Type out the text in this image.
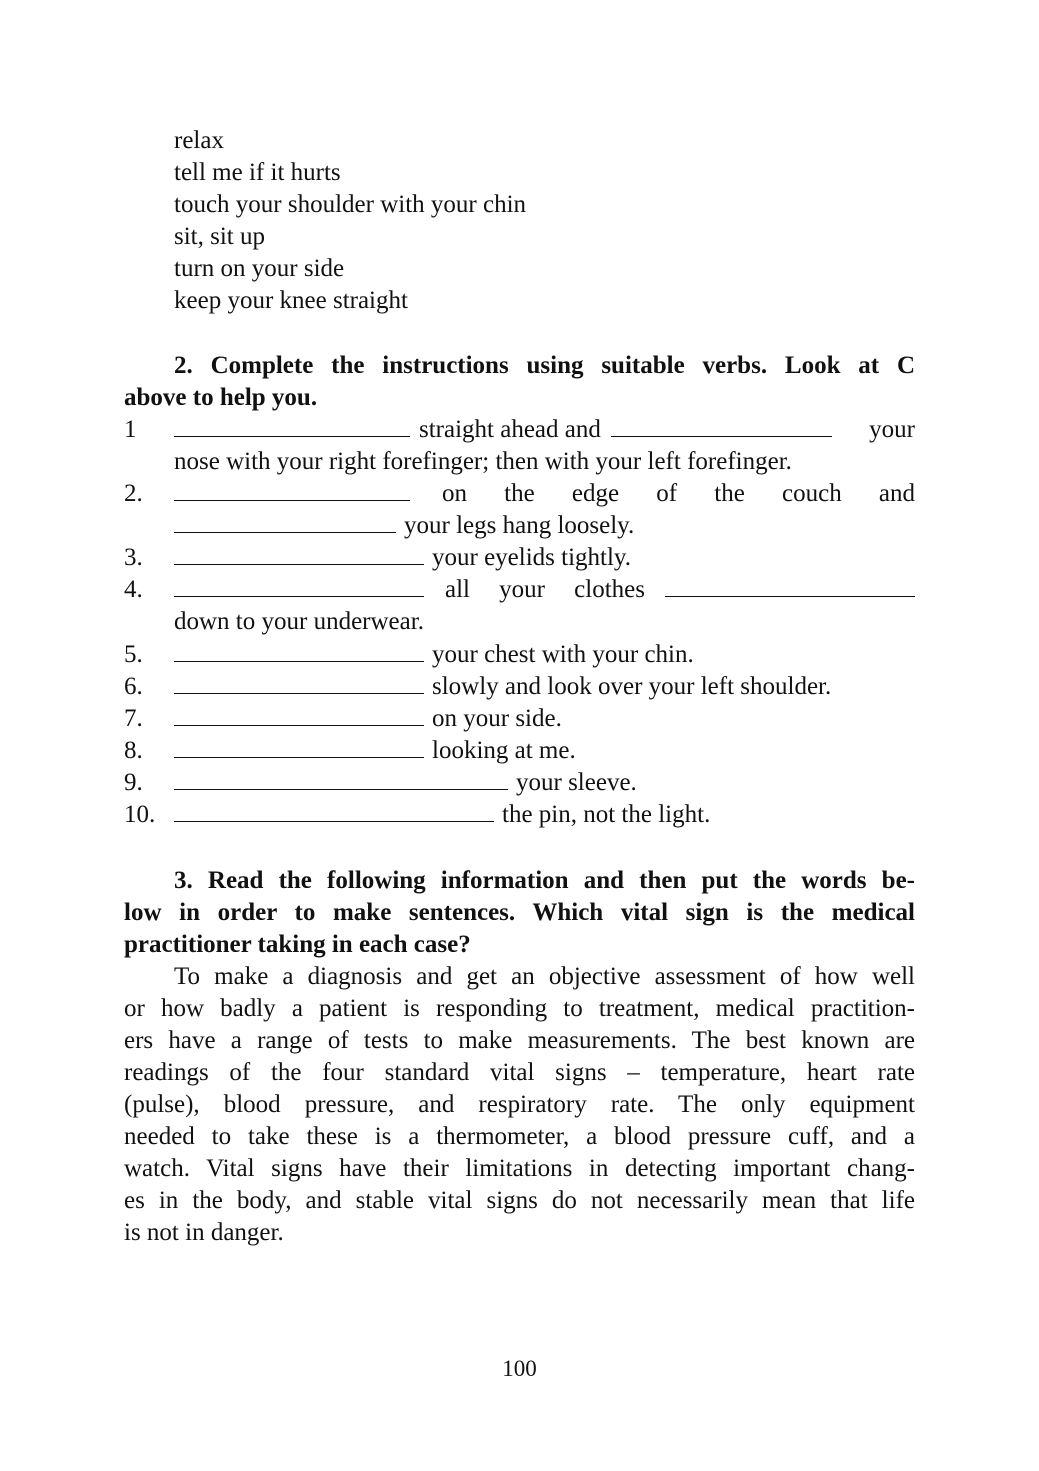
relax
tell me if it hurts
touch your shoulder with your chin
sit, sit up
turn on your side
keep your knee straight
2. Complete the instructions using suitable verbs. Look at C
above to help you.
1	straight ahead and	your
nose with your right forefinger; then with your left forefinger.
2.	on the edge of the couch and
your legs hang loosely.
3.	your eyelids tightly.
4.	all your clothes
down to your underwear.
5.	your chest with your chin.
6.	slowly and look over your left shoulder.
7.	on your side.
8.	looking at me.
9.	your sleeve.
10.	the pin, not the light.
3. Read the following information and then put the words be-
low in order to make sentences. Which vital sign is the medical
practitioner taking in each case?
To make a diagnosis and get an objective assessment of how well
or how badly a patient is responding to treatment, medical practition-
ers have a range of tests to make measurements. The best known are
readings of the four standard vital signs – temperature, heart rate
(pulse), blood pressure, and respiratory rate. The only equipment
needed to take these is a thermometer, a blood pressure cuff, and a
watch. Vital signs have their limitations in detecting important chang-
es in the body, and stable vital signs do not necessarily mean that life
is not in danger.
100
